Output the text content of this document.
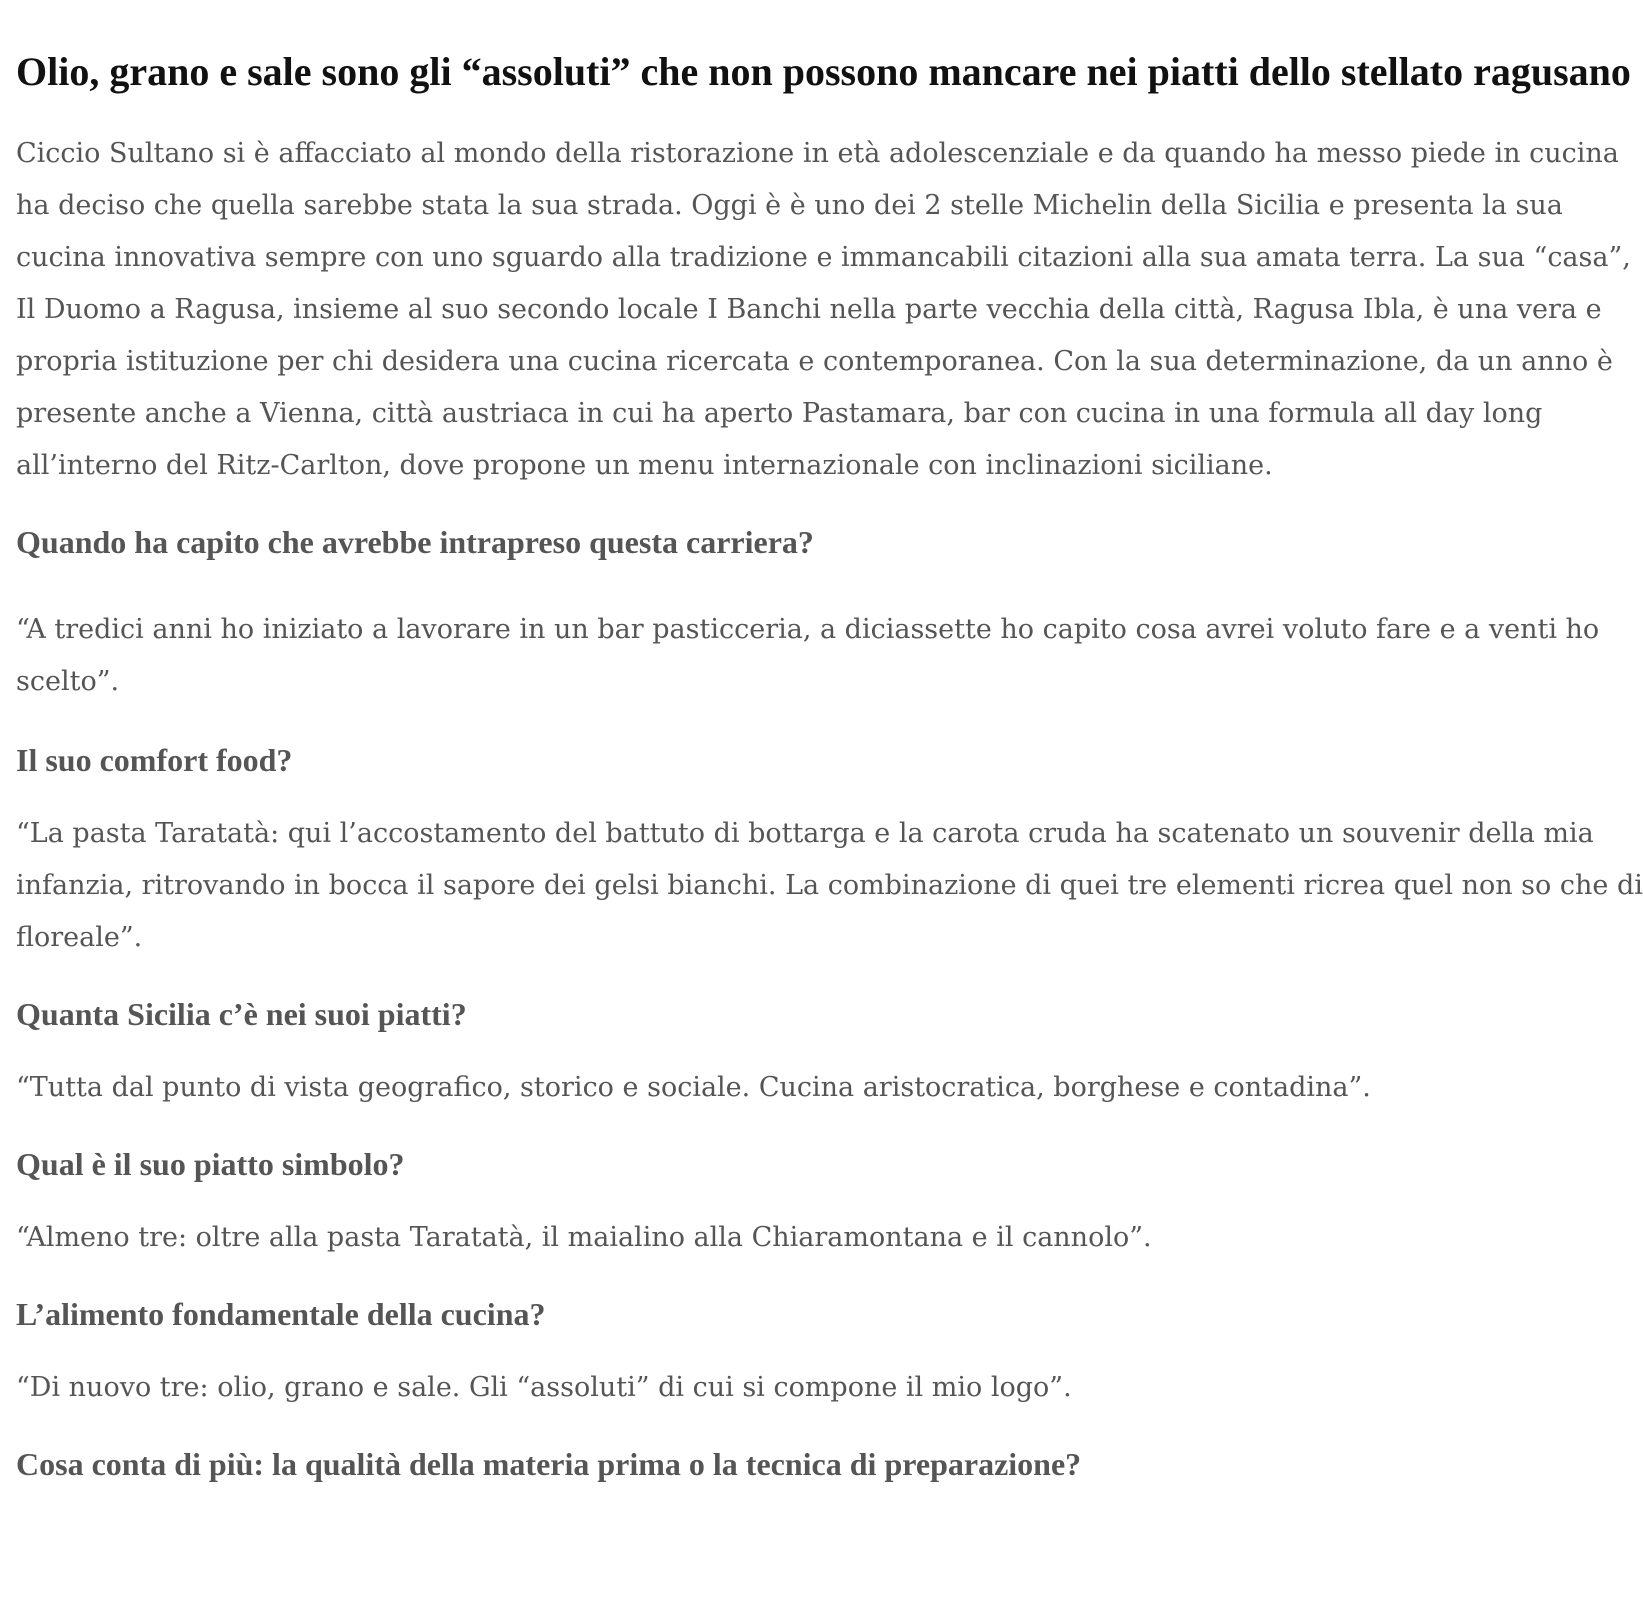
Olio, grano e sale sono gli “assoluti” che non possono mancare nei piatti dello stellato ragusano

Ciccio Sultano si è affacciato al mondo della ristorazione in età adolescenziale e da quando ha messo piede in cucina ha deciso che quella sarebbe stata la sua strada. Oggi è è uno dei 2 stelle Michelin della Sicilia e presenta la sua cucina innovativa sempre con uno sguardo alla tradizione e immancabili citazioni alla sua amata terra. La sua “casa”, Il Duomo a Ragusa, insieme al suo secondo locale I Banchi nella parte vecchia della città, Ragusa Ibla, è una vera e propria istituzione per chi desidera una cucina ricercata e contemporanea. Con la sua determinazione, da un anno è presente anche a Vienna, città austriaca in cui ha aperto Pastamara, bar con cucina in una formula all day long all’interno del Ritz-Carlton, dove propone un menu internazionale con inclinazioni siciliane.

Quando ha capito che avrebbe intrapreso questa carriera?

“A tredici anni ho iniziato a lavorare in un bar pasticceria, a diciassette ho capito cosa avrei voluto fare e a venti ho scelto”.

Il suo comfort food?

“La pasta Taratatà: qui l’accostamento del battuto di bottarga e la carota cruda ha scatenato un souvenir della mia infanzia, ritrovando in bocca il sapore dei gelsi bianchi. La combinazione di quei tre elementi ricrea quel non so che di floreale”.

Quanta Sicilia c’è nei suoi piatti?

“Tutta dal punto di vista geografico, storico e sociale. Cucina aristocratica, borghese e contadina”.

Qual è il suo piatto simbolo?

“Almeno tre: oltre alla pasta Taratatà, il maialino alla Chiaramontana e il cannolo”.

L’alimento fondamentale della cucina?

“Di nuovo tre: olio, grano e sale. Gli “assoluti” di cui si compone il mio logo”.

Cosa conta di più: la qualità della materia prima o la tecnica di preparazione?
